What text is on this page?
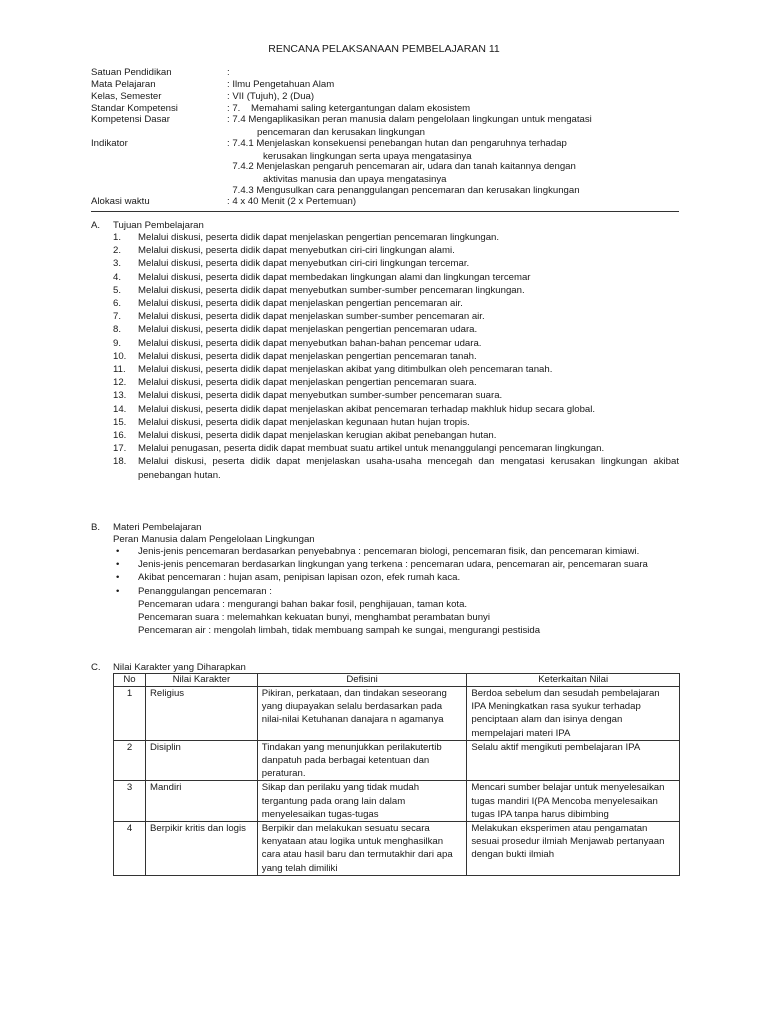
RENCANA PELAKSANAAN PEMBELAJARAN 11
Satuan Pendidikan	:
Mata Pelajaran	: Ilmu Pengetahuan Alam
Kelas, Semester	: VII (Tujuh), 2 (Dua)
Standar Kompetensi	: 7.    Memahami saling ketergantungan dalam ekosistem
Kompetensi Dasar	: 7.4 Mengaplikasikan peran manusia dalam pengelolaan lingkungan untuk mengatasi
pencemaran dan kerusakan lingkungan
Indikator	: 7.4.1 Menjelaskan konsekuensi penebangan hutan dan pengaruhnya terhadap
kerusakan lingkungan serta upaya mengatasinya
7.4.2 Menjelaskan pengaruh pencemaran air, udara dan tanah kaitannya dengan
aktivitas manusia dan upaya mengatasinya
7.4.3 Mengusulkan cara penanggulangan pencemaran dan kerusakan lingkungan
Alokasi waktu	: 4 x 40 Menit (2 x Pertemuan)
A. Tujuan Pembelajaran
1. Melalui diskusi, peserta didik dapat menjelaskan pengertian pencemaran lingkungan.
2. Melalui diskusi, peserta didik dapat menyebutkan ciri-ciri lingkungan alami.
3. Melalui diskusi, peserta didik dapat menyebutkan ciri-ciri lingkungan tercemar.
4. Melalui diskusi, peserta didik dapat membedakan lingkungan alami dan lingkungan tercemar
5. Melalui diskusi, peserta didik dapat menyebutkan sumber-sumber pencemaran lingkungan.
6. Melalui diskusi, peserta didik dapat menjelaskan pengertian pencemaran air.
7. Melalui diskusi, peserta didik dapat menjelaskan sumber-sumber pencemaran air.
8. Melalui diskusi, peserta didik dapat menjelaskan pengertian pencemaran udara.
9. Melalui diskusi, peserta didik dapat menyebutkan bahan-bahan pencemar udara.
10. Melalui diskusi, peserta didik dapat menjelaskan pengertian pencemaran tanah.
11. Melalui diskusi, peserta didik dapat menjelaskan akibat yang ditimbulkan oleh pencemaran tanah.
12. Melalui diskusi, peserta didik dapat menjelaskan pengertian pencemaran suara.
13. Melalui diskusi, peserta didik dapat menyebutkan sumber-sumber pencemaran suara.
14. Melalui diskusi, peserta didik dapat menjelaskan akibat pencemaran terhadap makhluk hidup secara global.
15. Melalui diskusi, peserta didik dapat menjelaskan kegunaan hutan hujan tropis.
16. Melalui diskusi, peserta didik dapat menjelaskan kerugian akibat penebangan hutan.
17. Melalui penugasan, peserta didik dapat membuat suatu artikel untuk menanggulangi pencemaran lingkungan.
18. Melalui diskusi, peserta didik dapat menjelaskan usaha-usaha mencegah dan mengatasi kerusakan lingkungan akibat penebangan hutan.
B. Materi Pembelajaran
Peran Manusia dalam Pengelolaan Lingkungan
• Jenis-jenis pencemaran berdasarkan penyebabnya : pencemaran biologi, pencemaran fisik, dan pencemaran kimiawi.
• Jenis-jenis pencemaran berdasarkan lingkungan yang terkena : pencemaran udara, pencemaran air, pencemaran suara
• Akibat pencemaran : hujan asam, penipisan lapisan ozon, efek rumah kaca.
• Penanggulangan pencemaran :
Pencemaran udara : mengurangi bahan bakar fosil, penghijauan, taman kota.
Pencemaran suara : melemahkan kekuatan bunyi, menghambat perambatan bunyi
Pencemaran air : mengolah limbah, tidak membuang sampah ke sungai, mengurangi pestisida
C. Nilai Karakter yang Diharapkan
No	Nilai Karakter	Defisini	Keterkaitan Nilai
1	Religius	Pikiran, perkataan, dan tindakan seseorang yang diupayakan selalu berdasarkan pada nilai-nilai Ketuhanan danajara n agamanya	Berdoa sebelum dan sesudah pembelajaran IPA Meningkatkan rasa syukur terhadap penciptaan alam dan isinya dengan mempelajari materi IPA
2	Disiplin	Tindakan yang menunjukkan perilakutertib danpatuh pada berbagai ketentuan dan peraturan.	Selalu aktif mengikuti pembelajaran IPA
3	Mandiri	Sikap dan perilaku yang tidak mudah tergantung pada orang lain dalam menyelesaikan tugas-tugas	Mencari sumber belajar untuk menyelesaikan tugas mandiri I(PA Mencoba menyelesaikan tugas IPA tanpa harus dibimbing
4	Berpikir kritis dan logis	Berpikir dan melakukan sesuatu secara kenyataan atau logika untuk menghasilkan cara atau hasil baru dan termutakhir dari apa yang telah dimiliki	Melakukan eksperimen atau pengamatan sesuai prosedur ilmiah Menjawab pertanyaan dengan bukti ilmiah
